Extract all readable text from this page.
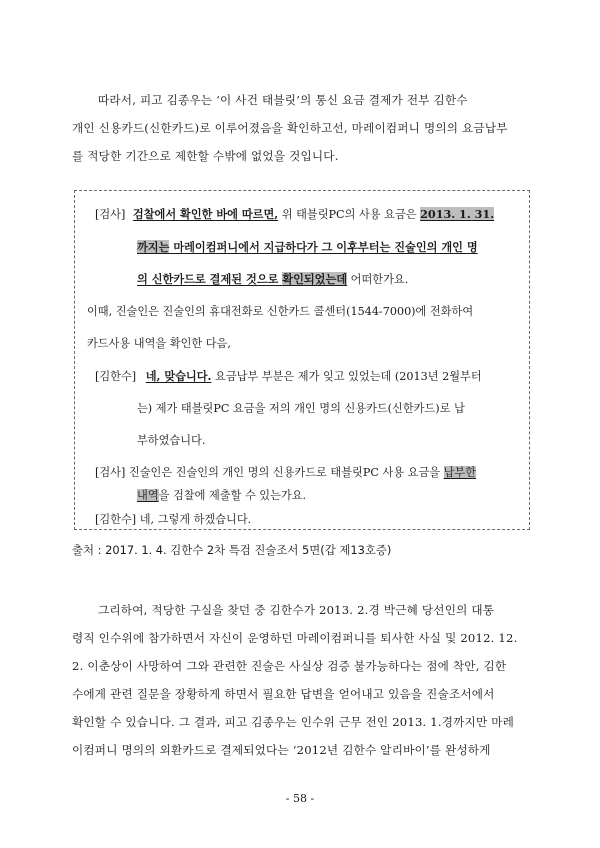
따라서, 피고 김종우는 ‘이 사건 태블릿’의 통신 요금 결제가 전부 김한수
개인 신용카드(신한카드)로 이루어졌음을 확인하고선, 마레이컴퍼니 명의의 요금납부
를 적당한 기간으로 제한할 수밖에 없었을 것입니다.
[검사] 검찰에서 확인한 바에 따르면, 위 태블릿PC의 사용 요금은 2013. 1. 31.
까지는 마레이컴퍼니에서 지급하다가 그 이후부터는 진술인의 개인 명
의 신한카드로 결제된 것으로 확인되었는데 어떠한가요.
이때, 진술인은 진술인의 휴대전화로 신한카드 콜센터(1544-7000)에 전화하여
카드사용 내역을 확인한 다음,
[김한수] 네, 맞습니다. 요금납부 부분은 제가 잊고 있었는데 (2013년 2월부터
는) 제가 태블릿PC 요금을 저의 개인 명의 신용카드(신한카드)로 납
부하였습니다.
[검사] 진술인은 진술인의 개인 명의 신용카드로 태블릿PC 사용 요금을 납부한
내역을 검찰에 제출할 수 있는가요.
[김한수] 네, 그렇게 하겠습니다.
출처 : 2017. 1. 4. 김한수 2차 특검 진술조서 5면(갑 제13호증)
그리하여, 적당한 구실을 찾던 중 김한수가 2013. 2.경 박근혜 당선인의 대통
령직 인수위에 참가하면서 자신이 운영하던 마레이컴퍼니를 퇴사한 사실 및 2012. 12.
2. 이춘상이 사망하여 그와 관련한 진술은 사실상 검증 불가능하다는 점에 착안, 김한
수에게 관련 질문을 장황하게 하면서 필요한 답변을 얻어내고 있음을 진술조서에서
확인할 수 있습니다. 그 결과, 피고 김종우는 인수위 근무 전인 2013. 1.경까지만 마레
이컴퍼니 명의의 외환카드로 결제되었다는 ‘2012년 김한수 알리바이’를 완성하게
- 58 -
